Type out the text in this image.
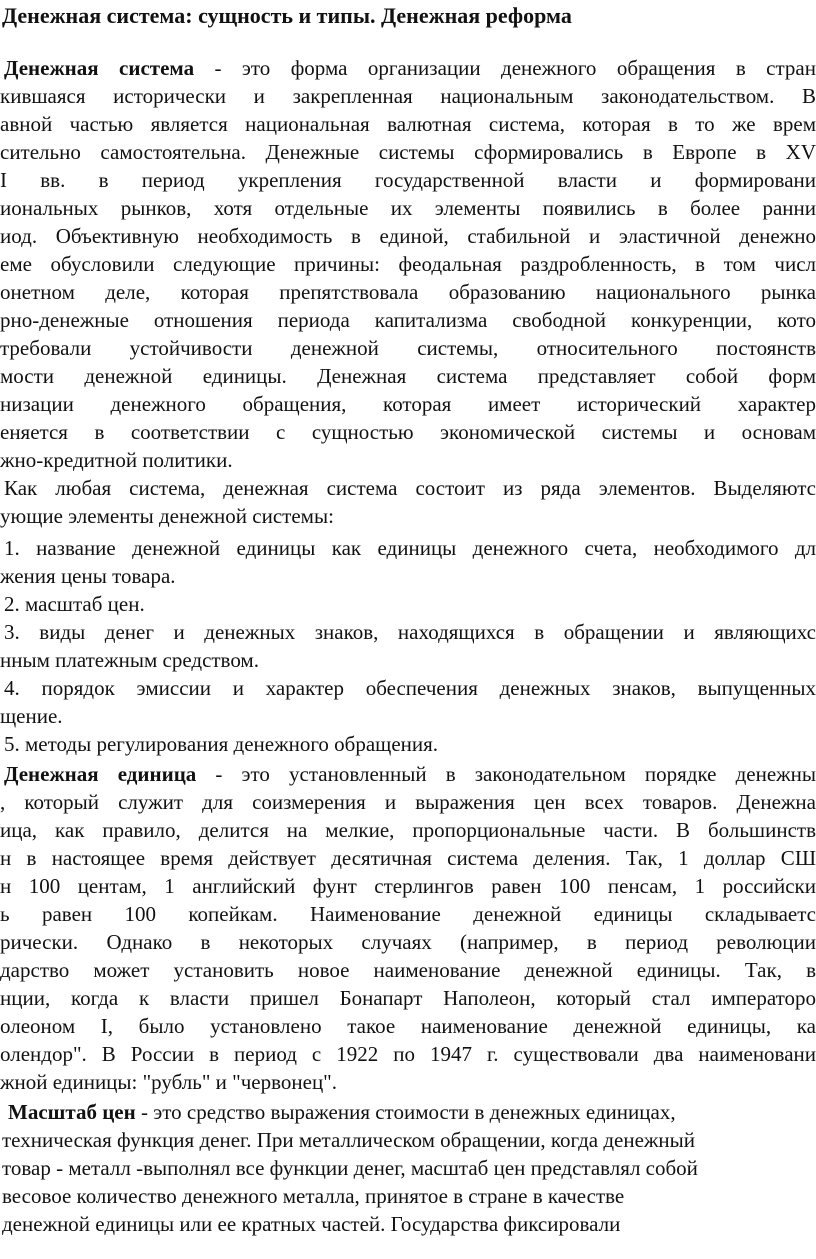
Денежная система: сущность и типы. Денежная реформа
Денежная система - это форма организации денежного обращения в стран
кившаяся исторически и закрепленная национальным законодательством. В
авной частью является национальная валютная система, которая в то же врем
сительно самостоятельна. Денежные системы сформировались в Европе в XV
I вв. в период укрепления государственной власти и формировани
иональных рынков, хотя отдельные их элементы появились в более ранни
иод. Объективную необходимость в единой, стабильной и эластичной денежно
еме обусловили следующие причины: феодальная раздробленность, в том числ
онетном деле, которая препятствовала образованию национального рынка
рно-денежные отношения периода капитализма свободной конкуренции, кото
требовали устойчивости денежной системы, относительного постоянств
мости денежной единицы. Денежная система представляет собой форм
низации денежного обращения, которая имеет исторический характер
еняется в соответствии с сущностью экономической системы и основам
жно-кредитной политики.
Как любая система, денежная система состоит из ряда элементов. Выделяютс
ующие элементы денежной системы:
1. название денежной единицы как единицы денежного счета, необходимого дл
жения цены товара.
2. масштаб цен.
3. виды денег и денежных знаков, находящихся в обращении и являющихс
нным платежным средством.
4. порядок эмиссии и характер обеспечения денежных знаков, выпущенных
щение.
5. методы регулирования денежного обращения.
Денежная единица - это установленный в законодательном порядке денежны
, который служит для соизмерения и выражения цен всех товаров. Денежна
ица, как правило, делится на мелкие, пропорциональные части. В большинств
н в настоящее время действует десятичная система деления. Так, 1 доллар СШ
н 100 центам, 1 английский фунт стерлингов равен 100 пенсам, 1 российски
ь равен 100 копейкам. Наименование денежной единицы складываетс
рически. Однако в некоторых случаях (например, в период революции
дарство может установить новое наименование денежной единицы. Так, в
нции, когда к власти пришел Бонапарт Наполеон, который стал императоро
олеоном I, было установлено такое наименование денежной единицы, ка
олендор". В России в период с 1922 по 1947 г. существовали два наименовани
жной единицы: "рубль" и "червонец".
Масштаб цен - это средство выражения стоимости в денежных единицах,
техническая функция денег. При металлическом обращении, когда денежный
товар - металл -выполнял все функции денег, масштаб цен представлял собой
весовое количество денежного металла, принятое в стране в качестве
денежной единицы или ее кратных частей. Государства фиксировали
